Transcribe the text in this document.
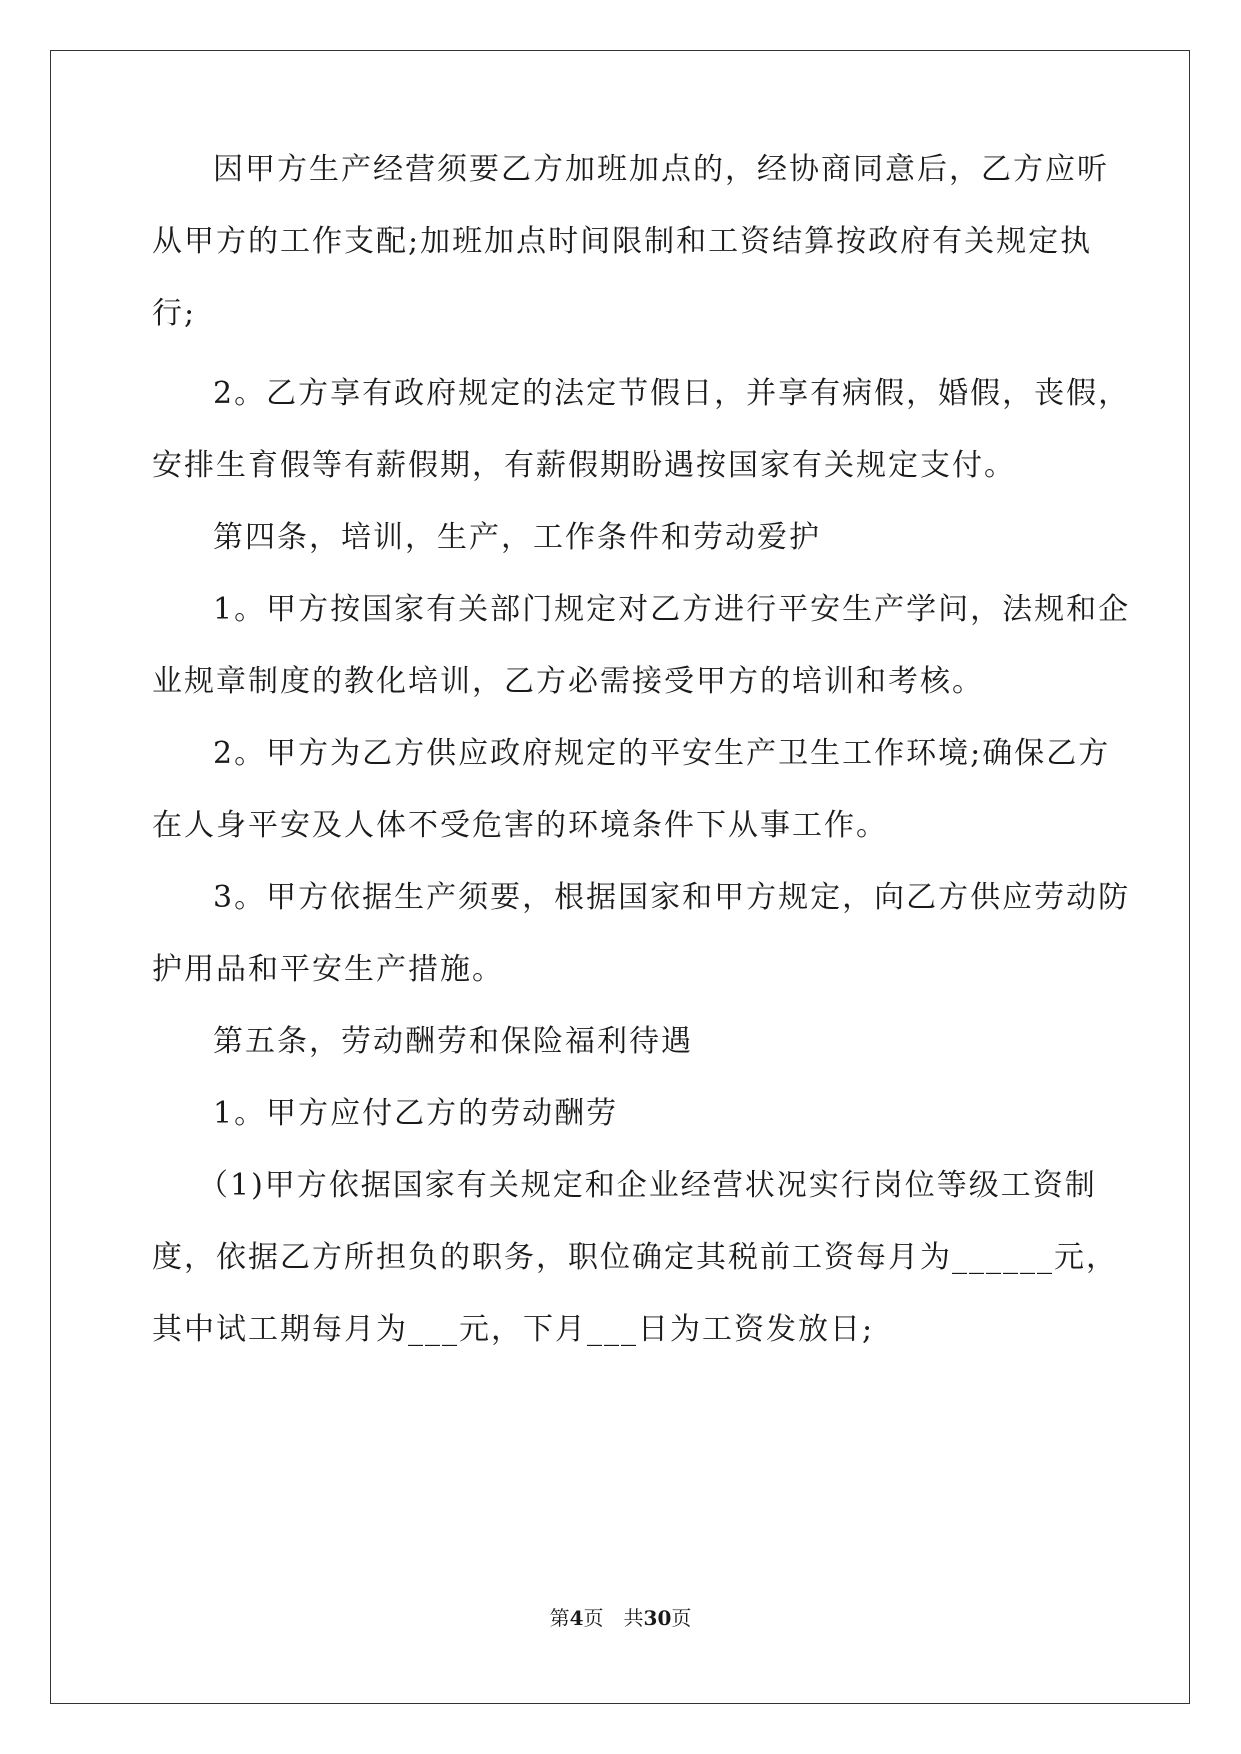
因甲方生产经营须要乙方加班加点的，经协商同意后，乙方应听

从甲方的工作支配;加班加点时间限制和工资结算按政府有关规定执

行;

2。乙方享有政府规定的法定节假日，并享有病假，婚假，丧假，

安排生育假等有薪假期，有薪假期盼遇按国家有关规定支付。

第四条，培训，生产，工作条件和劳动爱护

1。甲方按国家有关部门规定对乙方进行平安生产学问，法规和企

业规章制度的教化培训，乙方必需接受甲方的培训和考核。

2。甲方为乙方供应政府规定的平安生产卫生工作环境;确保乙方

在人身平安及人体不受危害的环境条件下从事工作。

3。甲方依据生产须要，根据国家和甲方规定，向乙方供应劳动防

护用品和平安生产措施。

第五条，劳动酬劳和保险福利待遇

1。甲方应付乙方的劳动酬劳

（1)甲方依据国家有关规定和企业经营状况实行岗位等级工资制

度，依据乙方所担负的职务，职位确定其税前工资每月为______元，

其中试工期每月为___元，下月___日为工资发放日;

第4页　共30页
